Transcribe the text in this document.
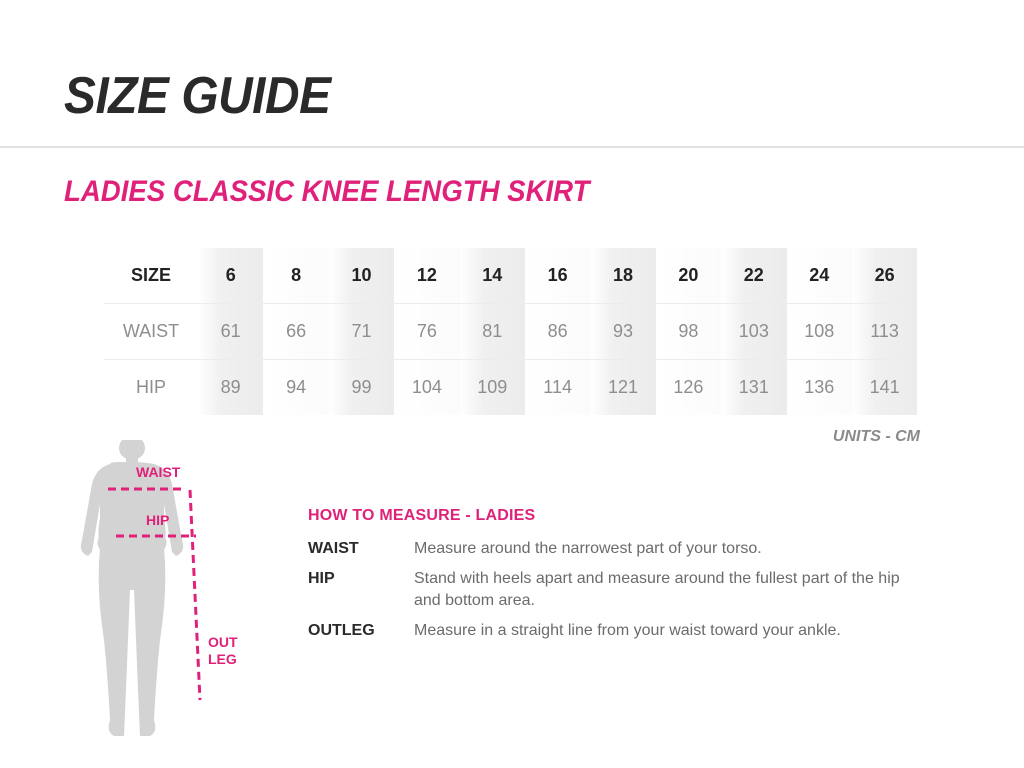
SIZE GUIDE
LADIES CLASSIC KNEE LENGTH SKIRT
SIZE	6	8	10	12	14	16	18	20	22	24	26
WAIST	61	66	71	76	81	86	93	98	103	108	113
HIP	89	94	99	104	109	114	121	126	131	136	141
UNITS - CM
WAIST
HIP
OUT
LEG
HOW TO MEASURE - LADIES
WAIST	Measure around the narrowest part of your torso.
HIP	Stand with heels apart and measure around the fullest part of the hip and bottom area.
OUTLEG	Measure in a straight line from your waist toward your ankle.
